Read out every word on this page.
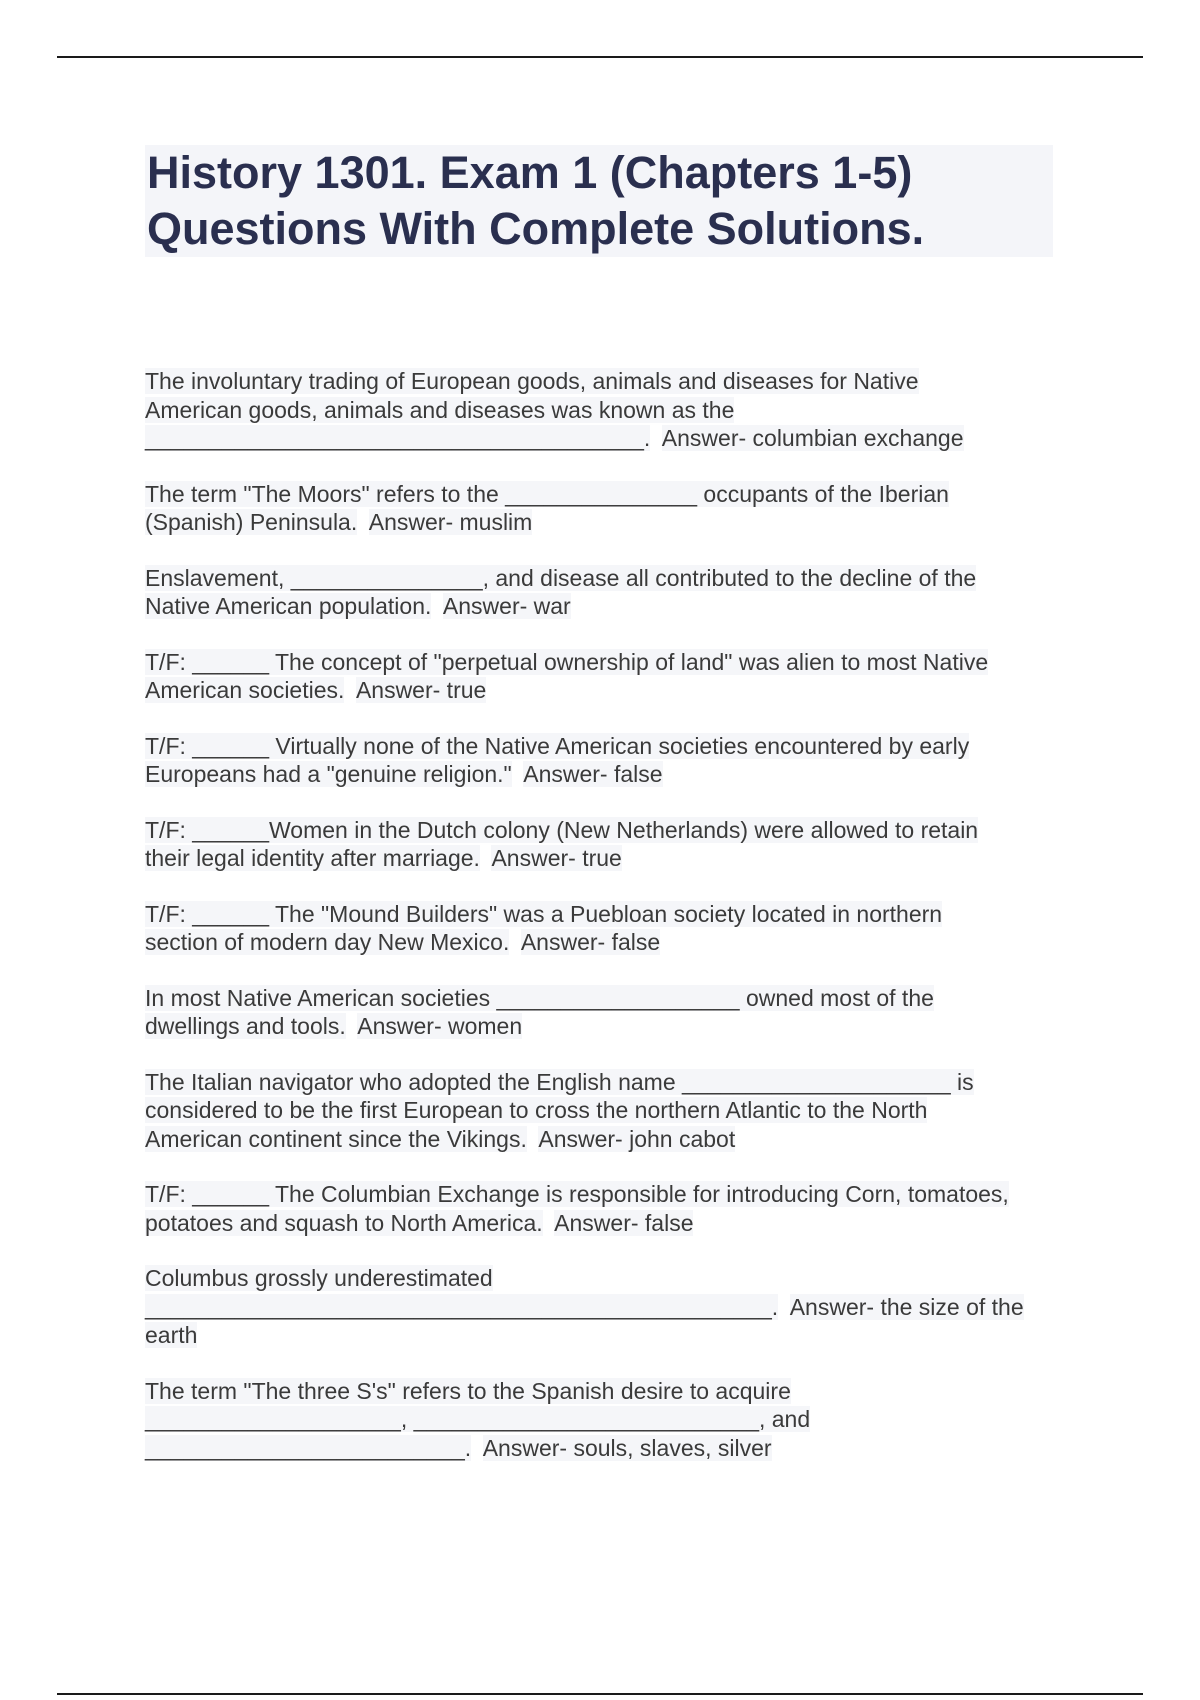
History 1301. Exam 1 (Chapters 1-5)
Questions With Complete Solutions.

The involuntary trading of European goods, animals and diseases for Native
American goods, animals and diseases was known as the
_______________________________________. Answer- columbian exchange

The term "The Moors" refers to the _______________ occupants of the Iberian
(Spanish) Peninsula. Answer- muslim

Enslavement, _______________, and disease all contributed to the decline of the
Native American population. Answer- war

T/F: ______ The concept of "perpetual ownership of land" was alien to most Native
American societies. Answer- true

T/F: ______ Virtually none of the Native American societies encountered by early
Europeans had a "genuine religion." Answer- false

T/F: ______Women in the Dutch colony (New Netherlands) were allowed to retain
their legal identity after marriage. Answer- true

T/F: ______ The "Mound Builders" was a Puebloan society located in northern
section of modern day New Mexico. Answer- false

In most Native American societies ___________________ owned most of the
dwellings and tools. Answer- women

The Italian navigator who adopted the English name _____________________ is
considered to be the first European to cross the northern Atlantic to the North
American continent since the Vikings. Answer- john cabot

T/F: ______ The Columbian Exchange is responsible for introducing Corn, tomatoes,
potatoes and squash to North America. Answer- false

Columbus grossly underestimated
_________________________________________________. Answer- the size of the
earth

The term "The three S's" refers to the Spanish desire to acquire
____________________, ___________________________, and
_________________________. Answer- souls, slaves, silver
